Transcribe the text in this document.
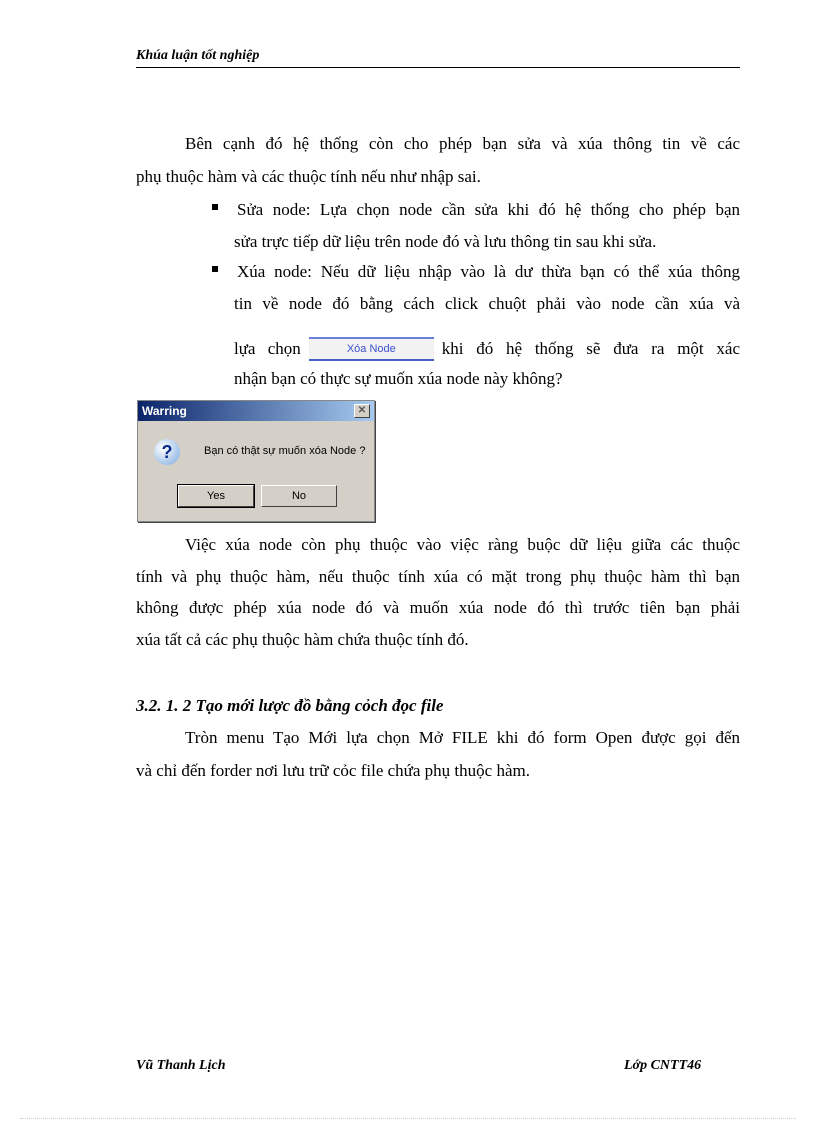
Khúa luận tốt nghiệp
Bên cạnh đó hệ thống còn cho phép bạn sửa và xúa thông tin về các
phụ thuộc hàm và các thuộc tính nếu như nhập sai.
Sửa node: Lựa chọn node cần sửa khi đó hệ thống cho phép bạn
sửa trực tiếp dữ liệu trên node đó và lưu thông tin sau khi sửa.
Xúa node: Nếu dữ liệu nhập vào là dư thừa bạn có thể xúa thông
tin về node đó bằng cách click chuột phải vào node cần xúa và
lựa chọn	Xóa Node	khi đó hệ thống sẽ đưa ra một xác
nhận bạn có thực sự muốn xúa node này không?
Warring	✕
?	Bạn có thật sự muốn xóa Node ?
Yes	No
Việc xúa node còn phụ thuộc vào việc ràng buộc dữ liệu giữa các thuộc
tính và phụ thuộc hàm, nếu thuộc tính xúa có mặt trong phụ thuộc hàm thì bạn
không được phép xúa node đó và muốn xúa node đó thì trước tiên bạn phải
xúa tất cả các phụ thuộc hàm chứa thuộc tính đó.
3.2. 1. 2 Tạo mới lược đồ bằng cỏch đọc file
Tròn menu Tạo Mới lựa chọn Mở FILE khi đó form Open được gọi đến
và chỉ đến forder nơi lưu trữ cỏc file chứa phụ thuộc hàm.
Vũ Thanh Lịch	Lớp CNTT46
